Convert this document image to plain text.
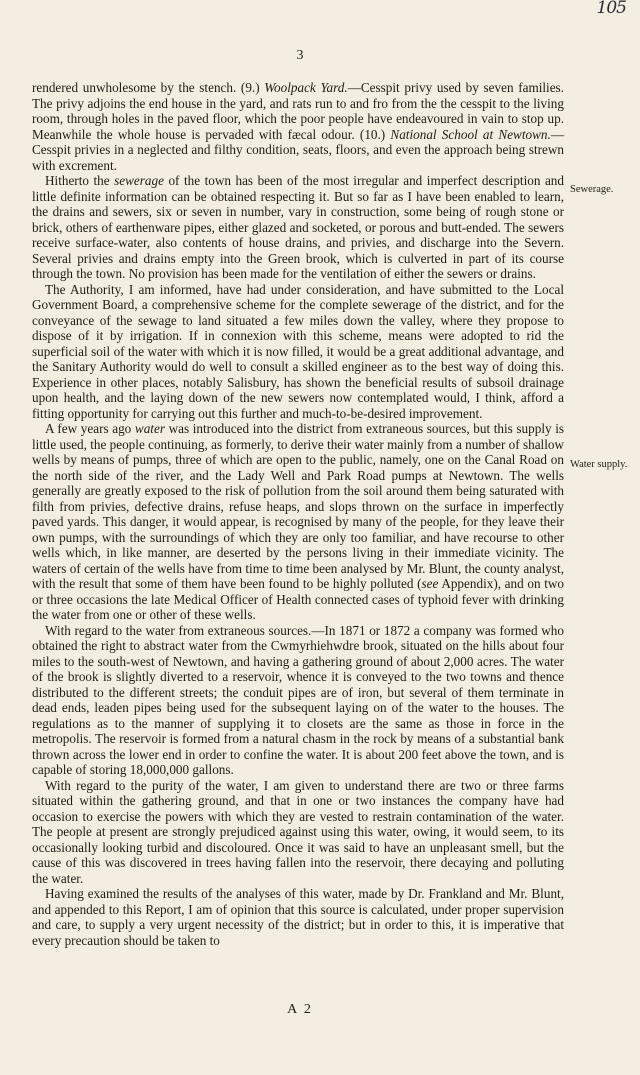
105
3

rendered unwholesome by the stench. (9.) Woolpack Yard.—Cesspit privy used by seven families. The privy adjoins the end house in the yard, and rats run to and fro from the the cesspit to the living room, through holes in the paved floor, which the poor people have endeavoured in vain to stop up. Meanwhile the whole house is pervaded with fæcal odour. (10.) National School at Newtown.—Cesspit privies in a neglected and filthy condition, seats, floors, and even the approach being strewn with excrement.

Hitherto the sewerage of the town has been of the most irregular and imperfect description and little definite information can be obtained respecting it. But so far as I have been enabled to learn, the drains and sewers, six or seven in number, vary in construction, some being of rough stone or brick, others of earthenware pipes, either glazed and socketed, or porous and butt-ended. The sewers receive surface-water, also contents of house drains, and privies, and discharge into the Severn. Several privies and drains empty into the Green brook, which is culverted in part of its course through the town. No provision has been made for the ventilation of either the sewers or drains.

The Authority, I am informed, have had under consideration, and have submitted to the Local Government Board, a comprehensive scheme for the complete sewerage of the district, and for the conveyance of the sewage to land situated a few miles down the valley, where they propose to dispose of it by irrigation. If in connexion with this scheme, means were adopted to rid the superficial soil of the water with which it is now filled, it would be a great additional advantage, and the Sanitary Authority would do well to consult a skilled engineer as to the best way of doing this. Experience in other places, notably Salisbury, has shown the beneficial results of subsoil drainage upon health, and the laying down of the new sewers now contemplated would, I think, afford a fitting opportunity for carrying out this further and much-to-be-desired improvement.

A few years ago water was introduced into the district from extraneous sources, but this supply is little used, the people continuing, as formerly, to derive their water mainly from a number of shallow wells by means of pumps, three of which are open to the public, namely, one on the Canal Road on the north side of the river, and the Lady Well and Park Road pumps at Newtown. The wells generally are greatly exposed to the risk of pollution from the soil around them being saturated with filth from privies, defective drains, refuse heaps, and slops thrown on the surface in imperfectly paved yards. This danger, it would appear, is recognised by many of the people, for they leave their own pumps, with the surroundings of which they are only too familiar, and have recourse to other wells which, in like manner, are deserted by the persons living in their immediate vicinity. The waters of certain of the wells have from time to time been analysed by Mr. Blunt, the county analyst, with the result that some of them have been found to be highly polluted (see Appendix), and on two or three occasions the late Medical Officer of Health connected cases of typhoid fever with drinking the water from one or other of these wells.

With regard to the water from extraneous sources.—In 1871 or 1872 a company was formed who obtained the right to abstract water from the Cwmyrhiehwdre brook, situated on the hills about four miles to the south-west of Newtown, and having a gathering ground of about 2,000 acres. The water of the brook is slightly diverted to a reservoir, whence it is conveyed to the two towns and thence distributed to the different streets; the conduit pipes are of iron, but several of them terminate in dead ends, leaden pipes being used for the subsequent laying on of the water to the houses. The regulations as to the manner of supplying it to closets are the same as those in force in the metropolis. The reservoir is formed from a natural chasm in the rock by means of a substantial bank thrown across the lower end in order to confine the water. It is about 200 feet above the town, and is capable of storing 18,000,000 gallons.

With regard to the purity of the water, I am given to understand there are two or three farms situated within the gathering ground, and that in one or two instances the company have had occasion to exercise the powers with which they are vested to restrain contamination of the water. The people at present are strongly prejudiced against using this water, owing, it would seem, to its occasionally looking turbid and discoloured. Once it was said to have an unpleasant smell, but the cause of this was discovered in trees having fallen into the reservoir, there decaying and polluting the water.

Having examined the results of the analyses of this water, made by Dr. Frankland and Mr. Blunt, and appended to this Report, I am of opinion that this source is calculated, under proper supervision and care, to supply a very urgent necessity of the district; but in order to this, it is imperative that every precaution should be taken to

Sewerage.
Water supply.
A 2
